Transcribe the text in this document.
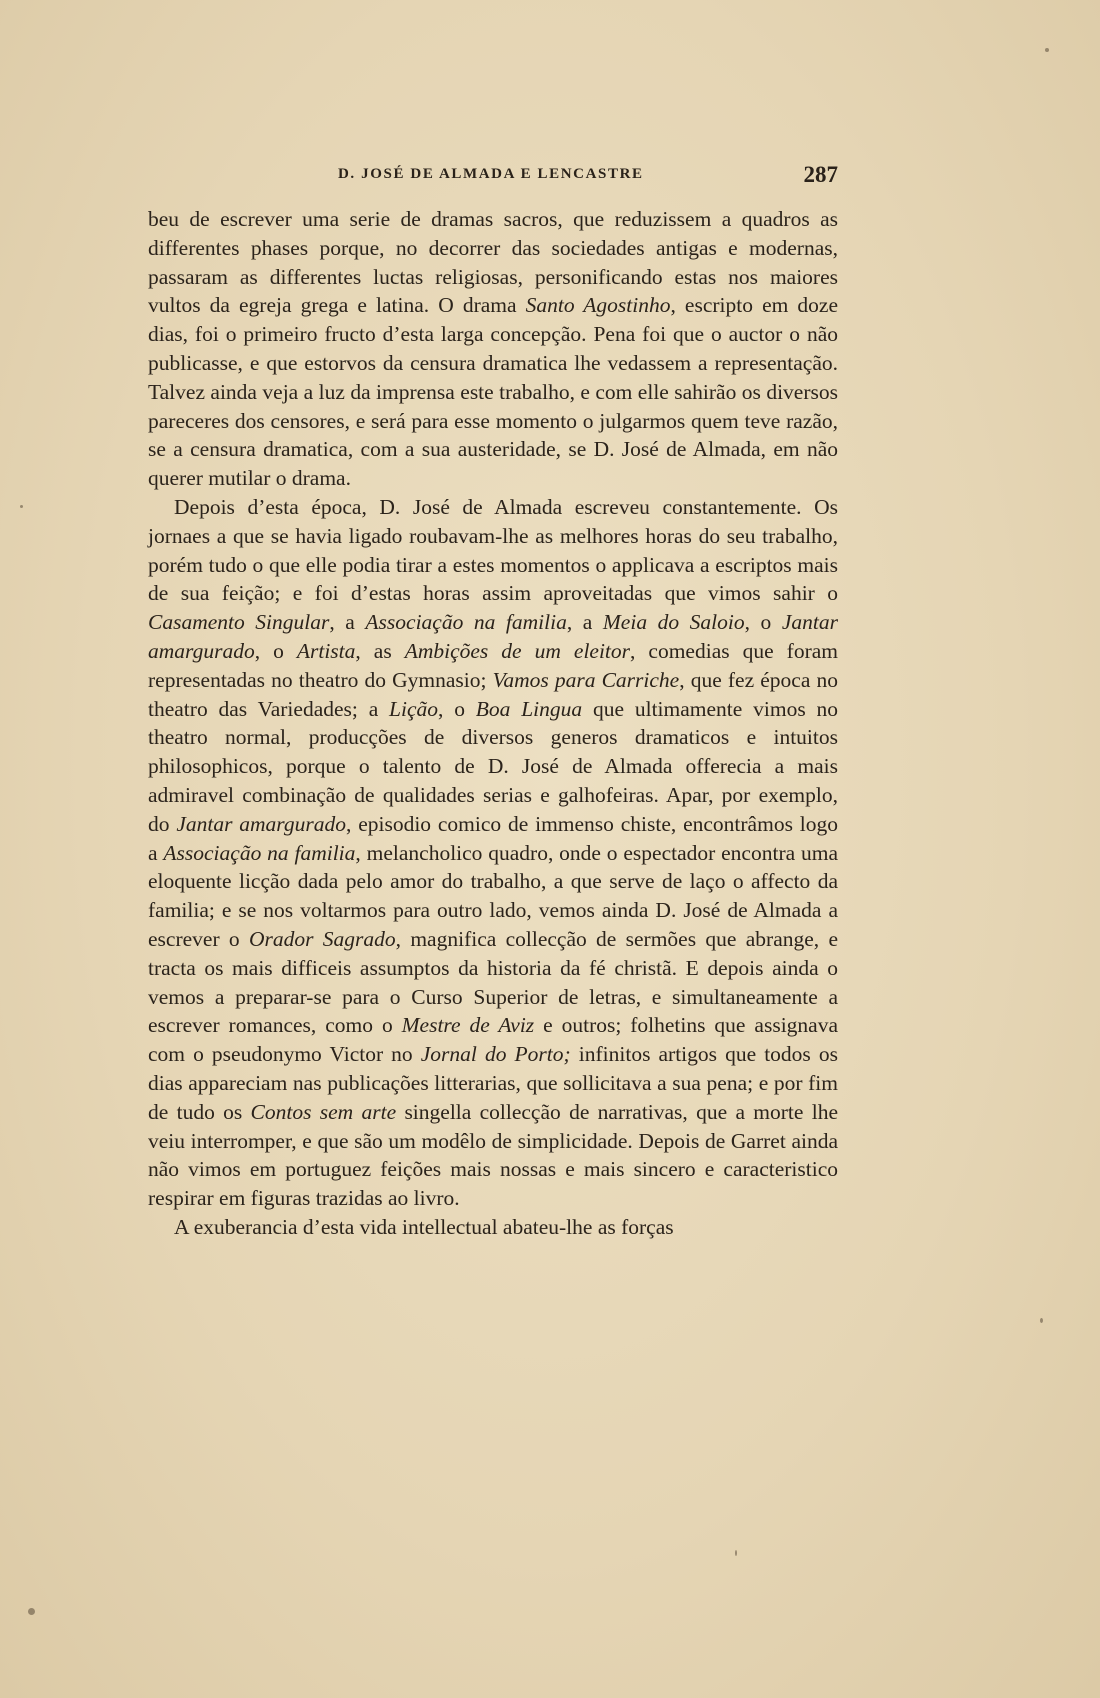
D. JOSÉ DE ALMADA E LENCASTRE	287

beu de escrever uma serie de dramas sacros, que reduzissem a quadros as differentes phases porque, no decorrer das sociedades antigas e modernas, passaram as differentes luctas religiosas, personificando estas nos maiores vultos da egreja grega e latina. O drama Santo Agostinho, escripto em doze dias, foi o primeiro fructo d’esta larga concepção. Pena foi que o auctor o não publicasse, e que estorvos da censura dramatica lhe vedassem a representação. Talvez ainda veja a luz da imprensa este trabalho, e com elle sahirão os diversos pareceres dos censores, e será para esse momento o julgarmos quem teve razão, se a censura dramatica, com a sua austeridade, se D. José de Almada, em não querer mutilar o drama.

Depois d’esta época, D. José de Almada escreveu constantemente. Os jornaes a que se havia ligado roubavam-lhe as melhores horas do seu trabalho, porém tudo o que elle podia tirar a estes momentos o applicava a escriptos mais de sua feição; e foi d’estas horas assim aproveitadas que vimos sahir o Casamento Singular, a Associação na familia, a Meia do Saloio, o Jantar amargurado, o Artista, as Ambições de um eleitor, comedias que foram representadas no theatro do Gymnasio; Vamos para Carriche, que fez época no theatro das Variedades; a Lição, o Boa Lingua que ultimamente vimos no theatro normal, producções de diversos generos dramaticos e intuitos philosophicos, porque o talento de D. José de Almada offerecia a mais admiravel combinação de qualidades serias e galhofeiras. Apar, por exemplo, do Jantar amargurado, episodio comico de immenso chiste, encontrâmos logo a Associação na familia, melancholico quadro, onde o espectador encontra uma eloquente licção dada pelo amor do trabalho, a que serve de laço o affecto da familia; e se nos voltarmos para outro lado, vemos ainda D. José de Almada a escrever o Orador Sagrado, magnifica collecção de sermões que abrange, e tracta os mais difficeis assumptos da historia da fé christã. E depois ainda o vemos a preparar-se para o Curso Superior de letras, e simultaneamente a escrever romances, como o Mestre de Aviz e outros; folhetins que assignava com o pseudonymo Victor no Jornal do Porto; infinitos artigos que todos os dias appareciam nas publicações litterarias, que sollicitava a sua pena; e por fim de tudo os Contos sem arte singella collecção de narrativas, que a morte lhe veiu interromper, e que são um modêlo de simplicidade. Depois de Garret ainda não vimos em portuguez feições mais nossas e mais sincero e caracteristico respirar em figuras trazidas ao livro.

A exuberancia d’esta vida intellectual abateu-lhe as forças
